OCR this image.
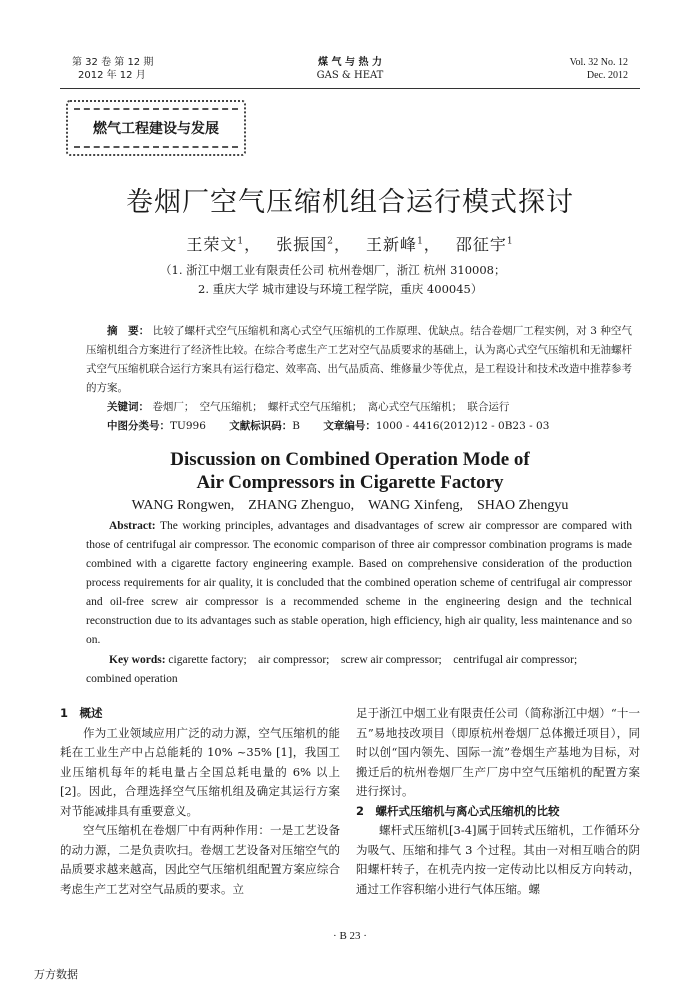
第 32 卷 第 12 期
2012 年 12 月
煤 气 与 热 力
GAS & HEAT
Vol. 32 No. 12
Dec. 2012
燃气工程建设与发展
卷烟厂空气压缩机组合运行模式探讨
王荣文$^1$，　 张振国$^2$，　 王新峰$^1$，　 邵征宇$^1$
（1. 浙江中烟工业有限责任公司 杭州卷烟厂，浙江 杭州 310008；
2. 重庆大学 城市建设与环境工程学院，重庆 400045）

摘　要： 比较了螺杆式空气压缩机和离心式空气压缩机的工作原理、优缺点。结合卷烟厂工程实例，对 3 种空气压缩机组合方案进行了经济性比较。在综合考虑生产工艺对空气品质要求的基础上，认为离心式空气压缩机和无油螺杆式空气压缩机联合运行方案具有运行稳定、效率高、出气品质高、维修量少等优点，是工程设计和技术改造中推荐参考的方案。

关键词： 卷烟厂；　空气压缩机；　螺杆式空气压缩机；　离心式空气压缩机；　联合运行

中图分类号：TU996 文献标识码：B 文章编号：1000 - 4416(2012)12 - 0B23 - 03

Discussion on Combined Operation Mode of Air Compressors in Cigarette Factory
WANG Rongwen,　ZHANG Zhenguo,　WANG Xinfeng,　SHAO Zhengyu

Abstract: The working principles, advantages and disadvantages of screw air compressor are compared with those of centrifugal air compressor. The economic comparison of three air compressor combination programs is made combined with a cigarette factory engineering example. Based on comprehensive consideration of the production process requirements for air quality, it is concluded that the combined operation scheme of centrifugal air compressor and oil-free screw air compressor is a recommended scheme in the engineering design and the technical reconstruction due to its advantages such as stable operation, high efficiency, high air quality, less maintenance and so on.

Key words: cigarette factory;　air compressor;　screw air compressor;　centrifugal air compressor;　combined operation

1　概述

作为工业领域应用广泛的动力源，空气压缩机的能耗在工业生产中占总能耗的 10% ~35% [1]，我国工业压缩机每年的耗电量占全国总耗电量的 6% 以上[2]。因此，合理选择空气压缩机组及确定其运行方案对节能减排具有重要意义。

空气压缩机在卷烟厂中有两种作用：一是工艺设备的动力源，二是负责吹扫。卷烟工艺设备对压缩空气的品质要求越来越高，因此空气压缩机组配置方案应综合考虑生产工艺对空气品质的要求。立

足于浙江中烟工业有限责任公司（简称浙江中烟）“十一五”易地技改项目（即原杭州卷烟厂总体搬迁项目），同时以创“国内领先、国际一流”卷烟生产基地为目标，对搬迁后的杭州卷烟厂生产厂房中空气压缩机的配置方案进行探讨。

2　螺杆式压缩机与离心式压缩机的比较

螺杆式压缩机[3-4]属于回转式压缩机，工作循环分为吸气、压缩和排气 3 个过程。其由一对相互啮合的阴阳螺杆转子，在机壳内按一定传动比以相反方向转动，通过工作容积缩小进行气体压缩。螺

· B 23 ·
万方数据
